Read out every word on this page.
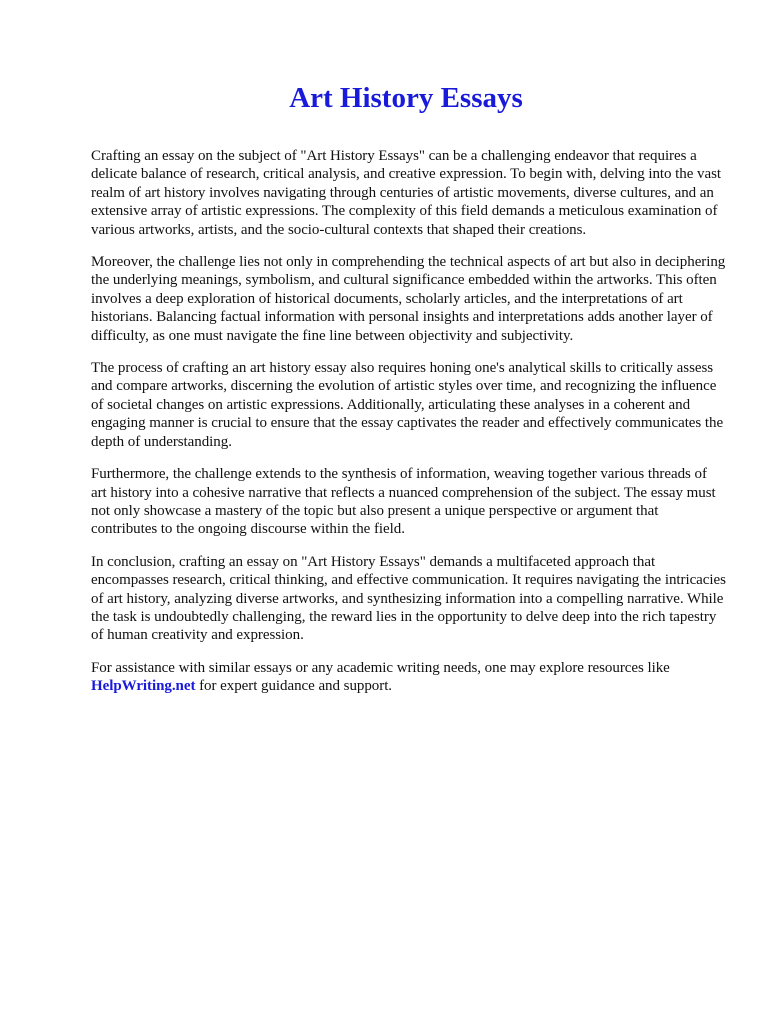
Art History Essays

Crafting an essay on the subject of "Art History Essays" can be a challenging endeavor that requires a delicate balance of research, critical analysis, and creative expression. To begin with, delving into the vast realm of art history involves navigating through centuries of artistic movements, diverse cultures, and an extensive array of artistic expressions. The complexity of this field demands a meticulous examination of various artworks, artists, and the socio-cultural contexts that shaped their creations.

Moreover, the challenge lies not only in comprehending the technical aspects of art but also in deciphering the underlying meanings, symbolism, and cultural significance embedded within the artworks. This often involves a deep exploration of historical documents, scholarly articles, and the interpretations of art historians. Balancing factual information with personal insights and interpretations adds another layer of difficulty, as one must navigate the fine line between objectivity and subjectivity.

The process of crafting an art history essay also requires honing one's analytical skills to critically assess and compare artworks, discerning the evolution of artistic styles over time, and recognizing the influence of societal changes on artistic expressions. Additionally, articulating these analyses in a coherent and engaging manner is crucial to ensure that the essay captivates the reader and effectively communicates the depth of understanding.

Furthermore, the challenge extends to the synthesis of information, weaving together various threads of art history into a cohesive narrative that reflects a nuanced comprehension of the subject. The essay must not only showcase a mastery of the topic but also present a unique perspective or argument that contributes to the ongoing discourse within the field.

In conclusion, crafting an essay on "Art History Essays" demands a multifaceted approach that encompasses research, critical thinking, and effective communication. It requires navigating the intricacies of art history, analyzing diverse artworks, and synthesizing information into a compelling narrative. While the task is undoubtedly challenging, the reward lies in the opportunity to delve deep into the rich tapestry of human creativity and expression.

For assistance with similar essays or any academic writing needs, one may explore resources like HelpWriting.net for expert guidance and support.
